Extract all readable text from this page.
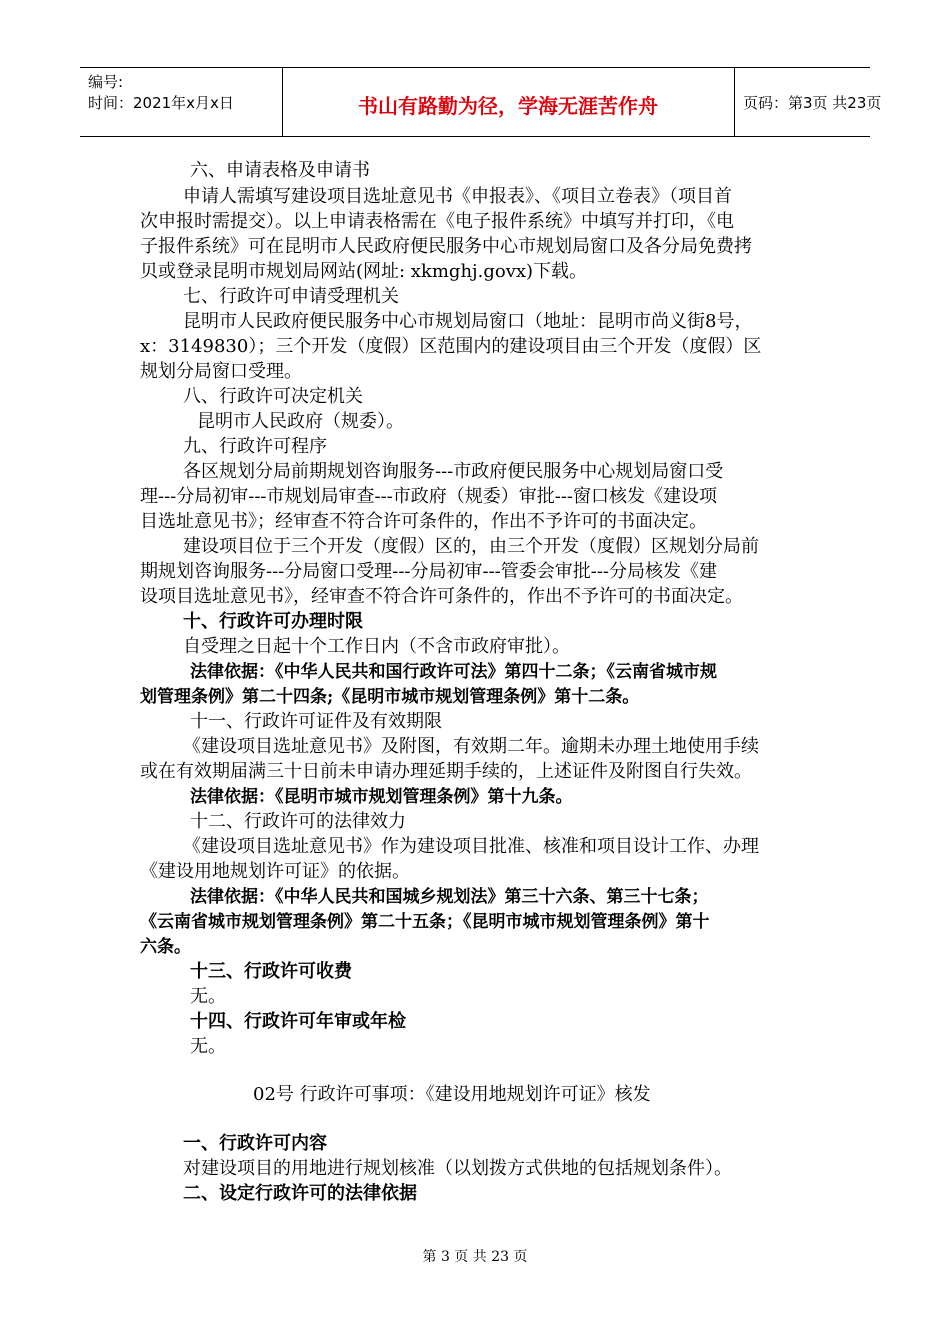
编号:
时间：2021年x月x日	书山有路勤为径，学海无涯苦作舟	页码：第3页 共23页
六、申请表格及申请书
申请人需填写建设项目选址意见书《申报表》、《项目立卷表》（项目首
次申报时需提交）。以上申请表格需在《电子报件系统》中填写并打印，《电
子报件系统》可在昆明市人民政府便民服务中心市规划局窗口及各分局免费拷
贝或登录昆明市规划局网站(网址: xkmghj.govx)下载。
七、行政许可申请受理机关
昆明市人民政府便民服务中心市规划局窗口（地址：昆明市尚义街8号，
x：3149830）；三个开发（度假）区范围内的建设项目由三个开发（度假）区
规划分局窗口受理。
八、行政许可决定机关
昆明市人民政府（规委）。
九、行政许可程序
各区规划分局前期规划咨询服务---市政府便民服务中心规划局窗口受
理---分局初审---市规划局审查---市政府（规委）审批---窗口核发《建设项
目选址意见书》；经审查不符合许可条件的，作出不予许可的书面决定。
建设项目位于三个开发（度假）区的，由三个开发（度假）区规划分局前
期规划咨询服务---分局窗口受理---分局初审---管委会审批---分局核发《建
设项目选址意见书》，经审查不符合许可条件的，作出不予许可的书面决定。
十、行政许可办理时限
自受理之日起十个工作日内（不含市政府审批）。
法律依据：《中华人民共和国行政许可法》第四十二条；《云南省城市规
划管理条例》第二十四条;《昆明市城市规划管理条例》第十二条。
十一、行政许可证件及有效期限
《建设项目选址意见书》及附图，有效期二年。逾期未办理土地使用手续
或在有效期届满三十日前未申请办理延期手续的，上述证件及附图自行失效。
法律依据：《昆明市城市规划管理条例》第十九条。
十二、行政许可的法律效力
《建设项目选址意见书》作为建设项目批准、核准和项目设计工作、办理
《建设用地规划许可证》的依据。
法律依据：《中华人民共和国城乡规划法》第三十六条、第三十七条；
《云南省城市规划管理条例》第二十五条；《昆明市城市规划管理条例》第十
六条。
十三、行政许可收费
无。
十四、行政许可年审或年检
无。
02号 行政许可事项：《建设用地规划许可证》核发
一、行政许可内容
对建设项目的用地进行规划核准（以划拨方式供地的包括规划条件）。
二、设定行政许可的法律依据
第 3 页 共 23 页
